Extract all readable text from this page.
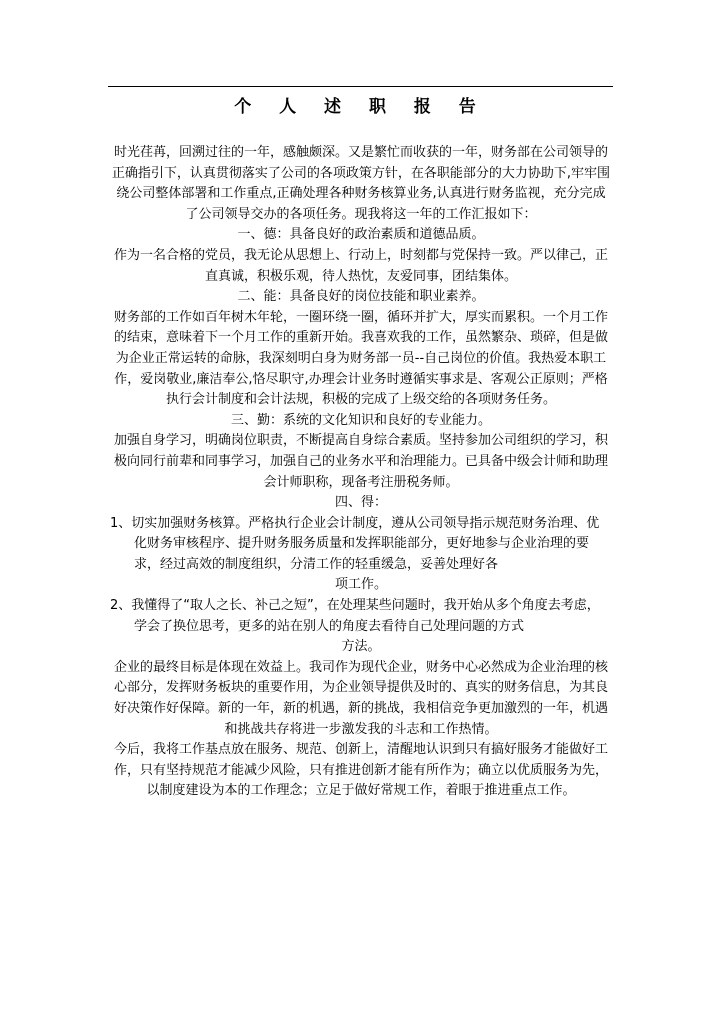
个 人 述 职 报 告

时光荏苒，回溯过往的一年，感触颇深。又是繁忙而收获的一年，财务部在公司领导的正确指引下，认真贯彻落实了公司的各项政策方针，在各职能部分的大力协助下,牢牢围绕公司整体部署和工作重点,正确处理各种财务核算业务,认真进行财务监视，充分完成了公司领导交办的各项任务。现我将这一年的工作汇报如下：

一、德：具备良好的政治素质和道德品质。

作为一名合格的党员，我无论从思想上、行动上，时刻都与党保持一致。严以律己，正直真诚，积极乐观，待人热忱，友爱同事，团结集体。

二、能：具备良好的岗位技能和职业素养。

财务部的工作如百年树木年轮，一圈环绕一圈，循环并扩大，厚实而累积。一个月工作的结束，意味着下一个月工作的重新开始。我喜欢我的工作，虽然繁杂、琐碎，但是做为企业正常运转的命脉，我深刻明白身为财务部一员--自己岗位的价值。我热爱本职工作，爱岗敬业,廉洁奉公,恪尽职守,办理会计业务时遵循实事求是、客观公正原则；严格执行会计制度和会计法规，积极的完成了上级交给的各项财务任务。

三、勤：系统的文化知识和良好的专业能力。

加强自身学习，明确岗位职责，不断提高自身综合素质。坚持参加公司组织的学习，积极向同行前辈和同事学习，加强自己的业务水平和治理能力。已具备中级会计师和助理会计师职称，现备考注册税务师。

四、得：

1、切实加强财务核算。严格执行企业会计制度，遵从公司领导指示规范财务治理、优化财务审核程序、提升财务服务质量和发挥职能部分，更好地参与企业治理的要求，经过高效的制度组织，分清工作的轻重缓急，妥善处理好各
项工作。

2、我懂得了“取人之长、补己之短”，在处理某些问题时，我开始从多个角度去考虑，学会了换位思考，更多的站在别人的角度去看待自己处理问题的方式
方法。

企业的最终目标是体现在效益上。我司作为现代企业，财务中心必然成为企业治理的核心部分，发挥财务板块的重要作用，为企业领导提供及时的、真实的财务信息，为其良好决策作好保障。新的一年，新的机遇，新的挑战，我相信竞争更加激烈的一年，机遇和挑战共存将进一步激发我的斗志和工作热情。

今后，我将工作基点放在服务、规范、创新上，清醒地认识到只有搞好服务才能做好工作，只有坚持规范才能减少风险，只有推进创新才能有所作为；确立以优质服务为先，以制度建设为本的工作理念；立足于做好常规工作，着眼于推进重点工作。
